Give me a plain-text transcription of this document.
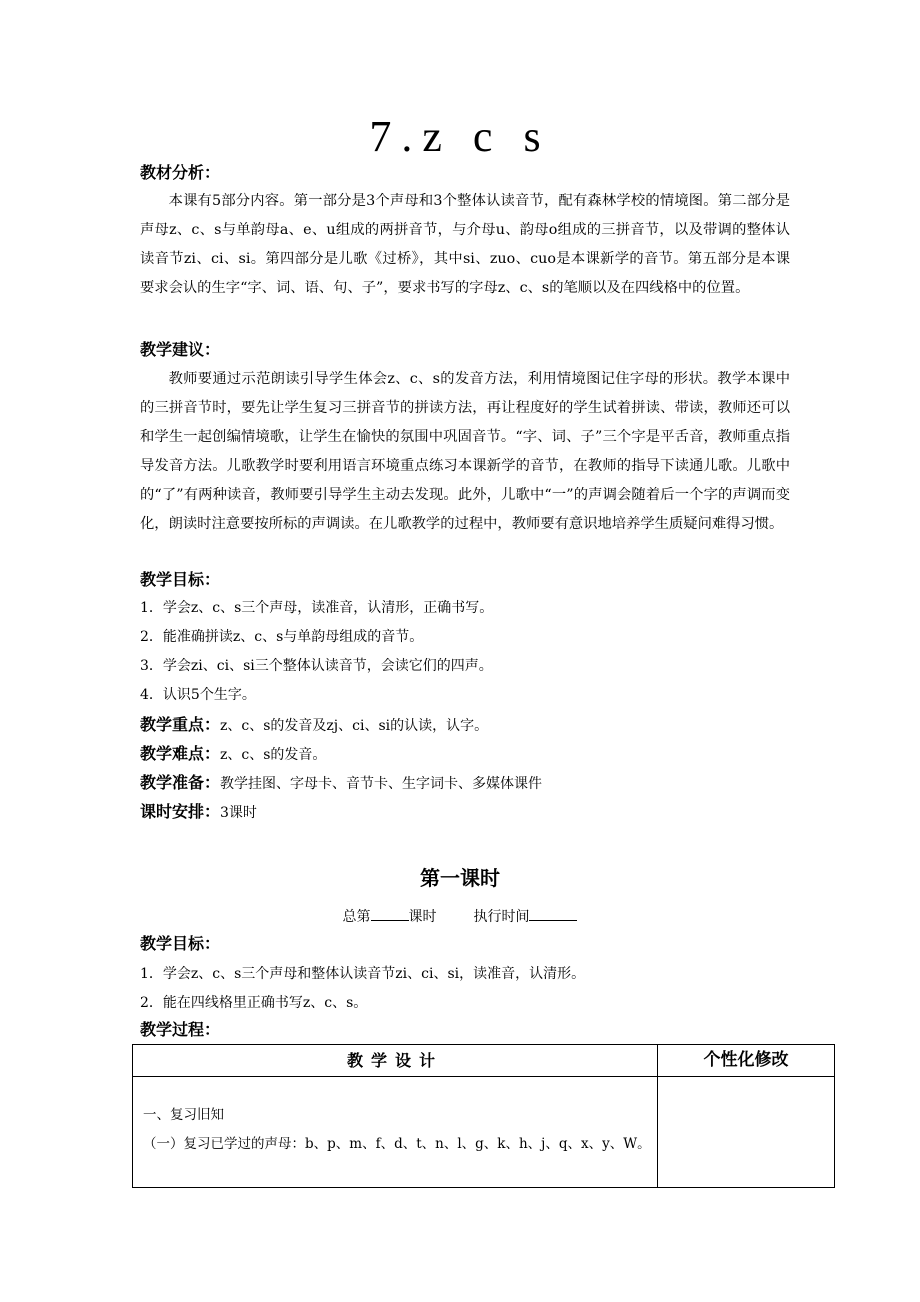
7.z c s
教材分析：
本课有5部分内容。第一部分是3个声母和3个整体认读音节，配有森林学校的情境图。第二部分是声母z、c、s与单韵母a、e、u组成的两拼音节，与介母u、韵母o组成的三拼音节，以及带调的整体认读音节zi、ci、si。第四部分是儿歌《过桥》，其中si、zuo、cuo是本课新学的音节。第五部分是本课要求会认的生字“字、词、语、句、子”，要求书写的字母z、c、s的笔顺以及在四线格中的位置。
教学建议：
教师要通过示范朗读引导学生体会z、c、s的发音方法，利用情境图记住字母的形状。教学本课中的三拼音节时，要先让学生复习三拼音节的拼读方法，再让程度好的学生试着拼读、带读，教师还可以和学生一起创编情境歌，让学生在愉快的氛围中巩固音节。“字、词、子”三个字是平舌音，教师重点指导发音方法。儿歌教学时要利用语言环境重点练习本课新学的音节，在教师的指导下读通儿歌。儿歌中的“了”有两种读音，教师要引导学生主动去发现。此外，儿歌中“一”的声调会随着后一个字的声调而变化，朗读时注意要按所标的声调读。在儿歌教学的过程中，教师要有意识地培养学生质疑问难得习惯。
教学目标：
1．学会z、c、s三个声母，读准音，认清形，正确书写。
2．能准确拼读z、c、s与单韵母组成的音节。
3．学会zi、ci、si三个整体认读音节，会读它们的四声。
4．认识5个生字。
教学重点：z、c、s的发音及zj、ci、si的认读，认字。
教学难点：z、c、s的发音。
教学准备：教学挂图、字母卡、音节卡、生字词卡、多媒体课件
课时安排：3课时
第一课时
总第	课时	执行时间
教学目标：
1．学会z、c、s三个声母和整体认读音节zi、ci、si，读准音，认清形。
2．能在四线格里正确书写z、c、s。
教学过程：
教学设计	个性化修改
一、复习旧知
（一）复习已学过的声母：b、p、m、f、d、t、n、l、g、k、h、j、q、x、y、W。
